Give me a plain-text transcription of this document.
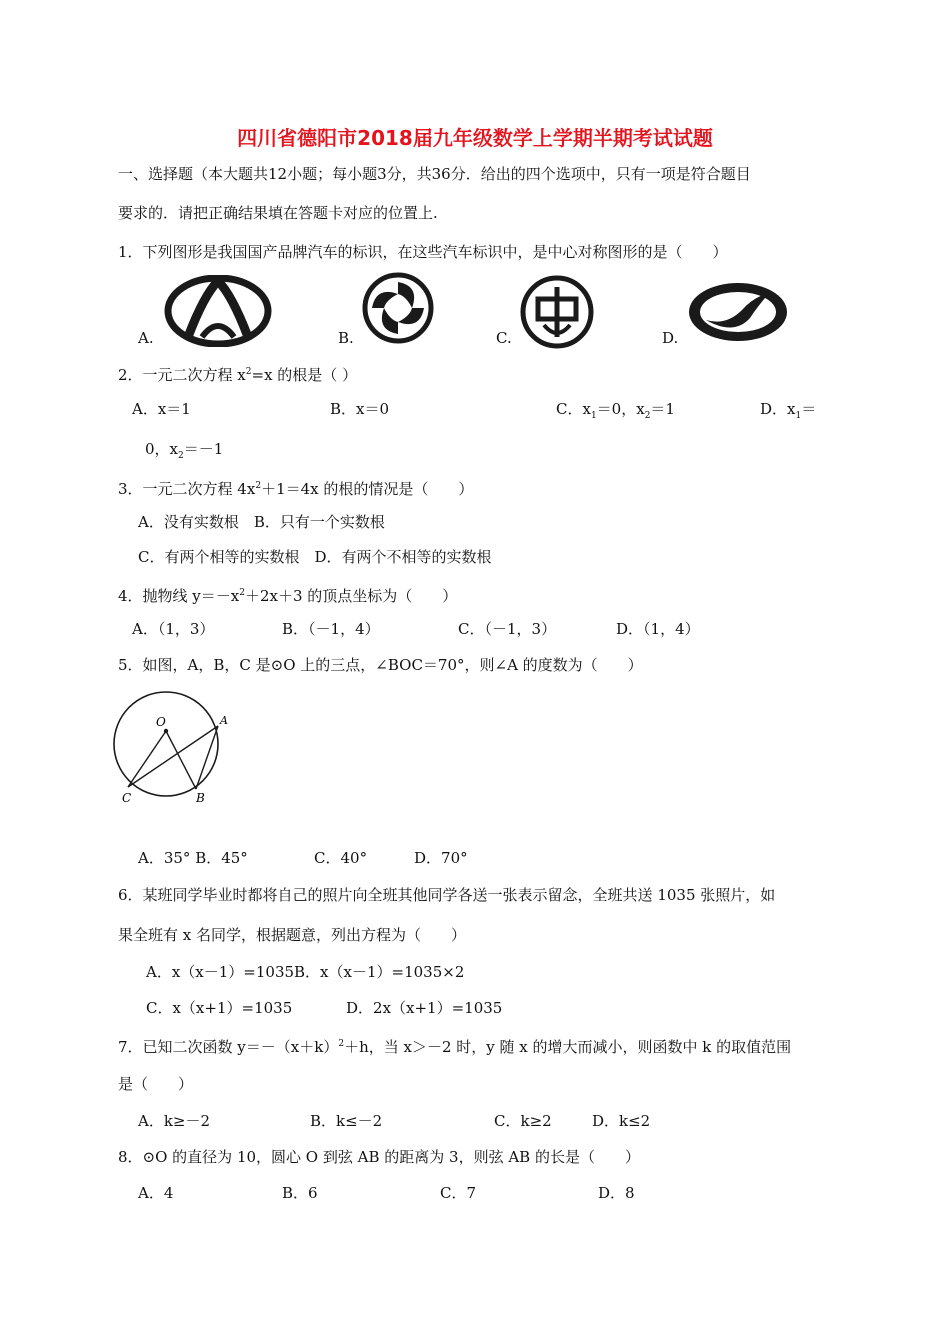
四川省德阳市2018届九年级数学上学期半期考试试题
一、选择题（本大题共12小题；每小题3分，共36分．给出的四个选项中，只有一项是符合题目
要求的．请把正确结果填在答题卡对应的位置上.
1．下列图形是我国国产品牌汽车的标识，在这些汽车标识中，是中心对称图形的是（　　）
A.	B.	C.	D.
2．一元二次方程 $x^2=x$ 的根是（ ）
A．x＝1	B．x＝0	C．$x_1=0$，$x_2=1$	D．$x_1=$
0，$x_2=-1$
3．一元二次方程 $4x^2+1=4x$ 的根的情况是（　　）
A．没有实数根　B．只有一个实数根
C．有两个相等的实数根　D．有两个不相等的实数根
4．抛物线 $y=-x^2+2x+3$ 的顶点坐标为（　　）
A．（1，3）	B．（－1，4）	C．（－1，3）	D．（1，4）
5．如图，A，B，C 是⊙O 上的三点，∠BOC＝70°，则∠A 的度数为（　　）
O	A
B
C
A．35° B．45°	C．40°	D．70°
6．某班同学毕业时都将自己的照片向全班其他同学各送一张表示留念，全班共送 1035 张照片，如
果全班有 x 名同学，根据题意，列出方程为（　　）
A．x（x－1）=1035B．x（x－1）=1035×2
C．x（x+1）=1035	D．2x（x+1）=1035
7．已知二次函数 $y=-(x+k)^2+h$，当 x＞－2 时，y 随 x 的增大而减小，则函数中 k 的取值范围
是（　　）
A．k≥－2	B．k≤－2	C．k≥2	D．k≤2
8．⊙O 的直径为 10，圆心 O 到弦 AB 的距离为 3，则弦 AB 的长是（　　）
A．4	B．6	C．7	D．8
